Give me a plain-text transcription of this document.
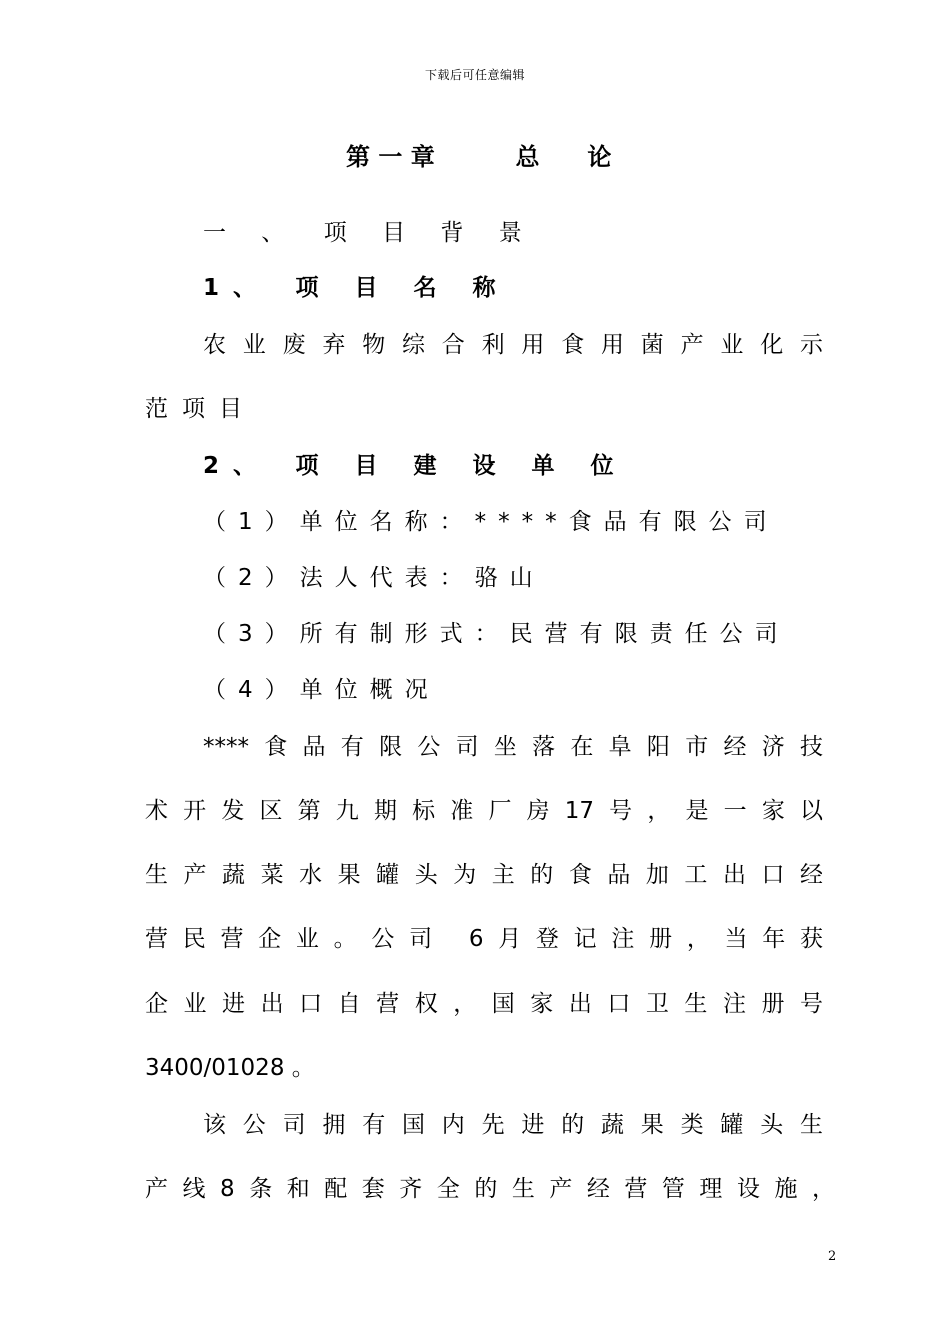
下载后可任意编辑
第 一 章	总　　论
一 、　项 目 背 景
1、　项 目 名 称
农业废弃物综合利用食用菌产业化示
范项目
2、　项 目 建 设 单 位
（1）单位名称：****食品有限公司
（2）法人代表：骆山
（3）所有制形式：民营有限责任公司
（4）单位概况
****食品有限公司坐落在阜阳市经济技
术开发区第九期标准厂房17号，是一家以
生产蔬菜水果罐头为主的食品加工出口经
营民营企业。公司 6月登记注册，当年获
企业进出口自营权，国家出口卫生注册号
3400/01028 。
该公司拥有国内先进的蔬果类罐头生
产线8条和配套齐全的生产经营管理设施，
2
